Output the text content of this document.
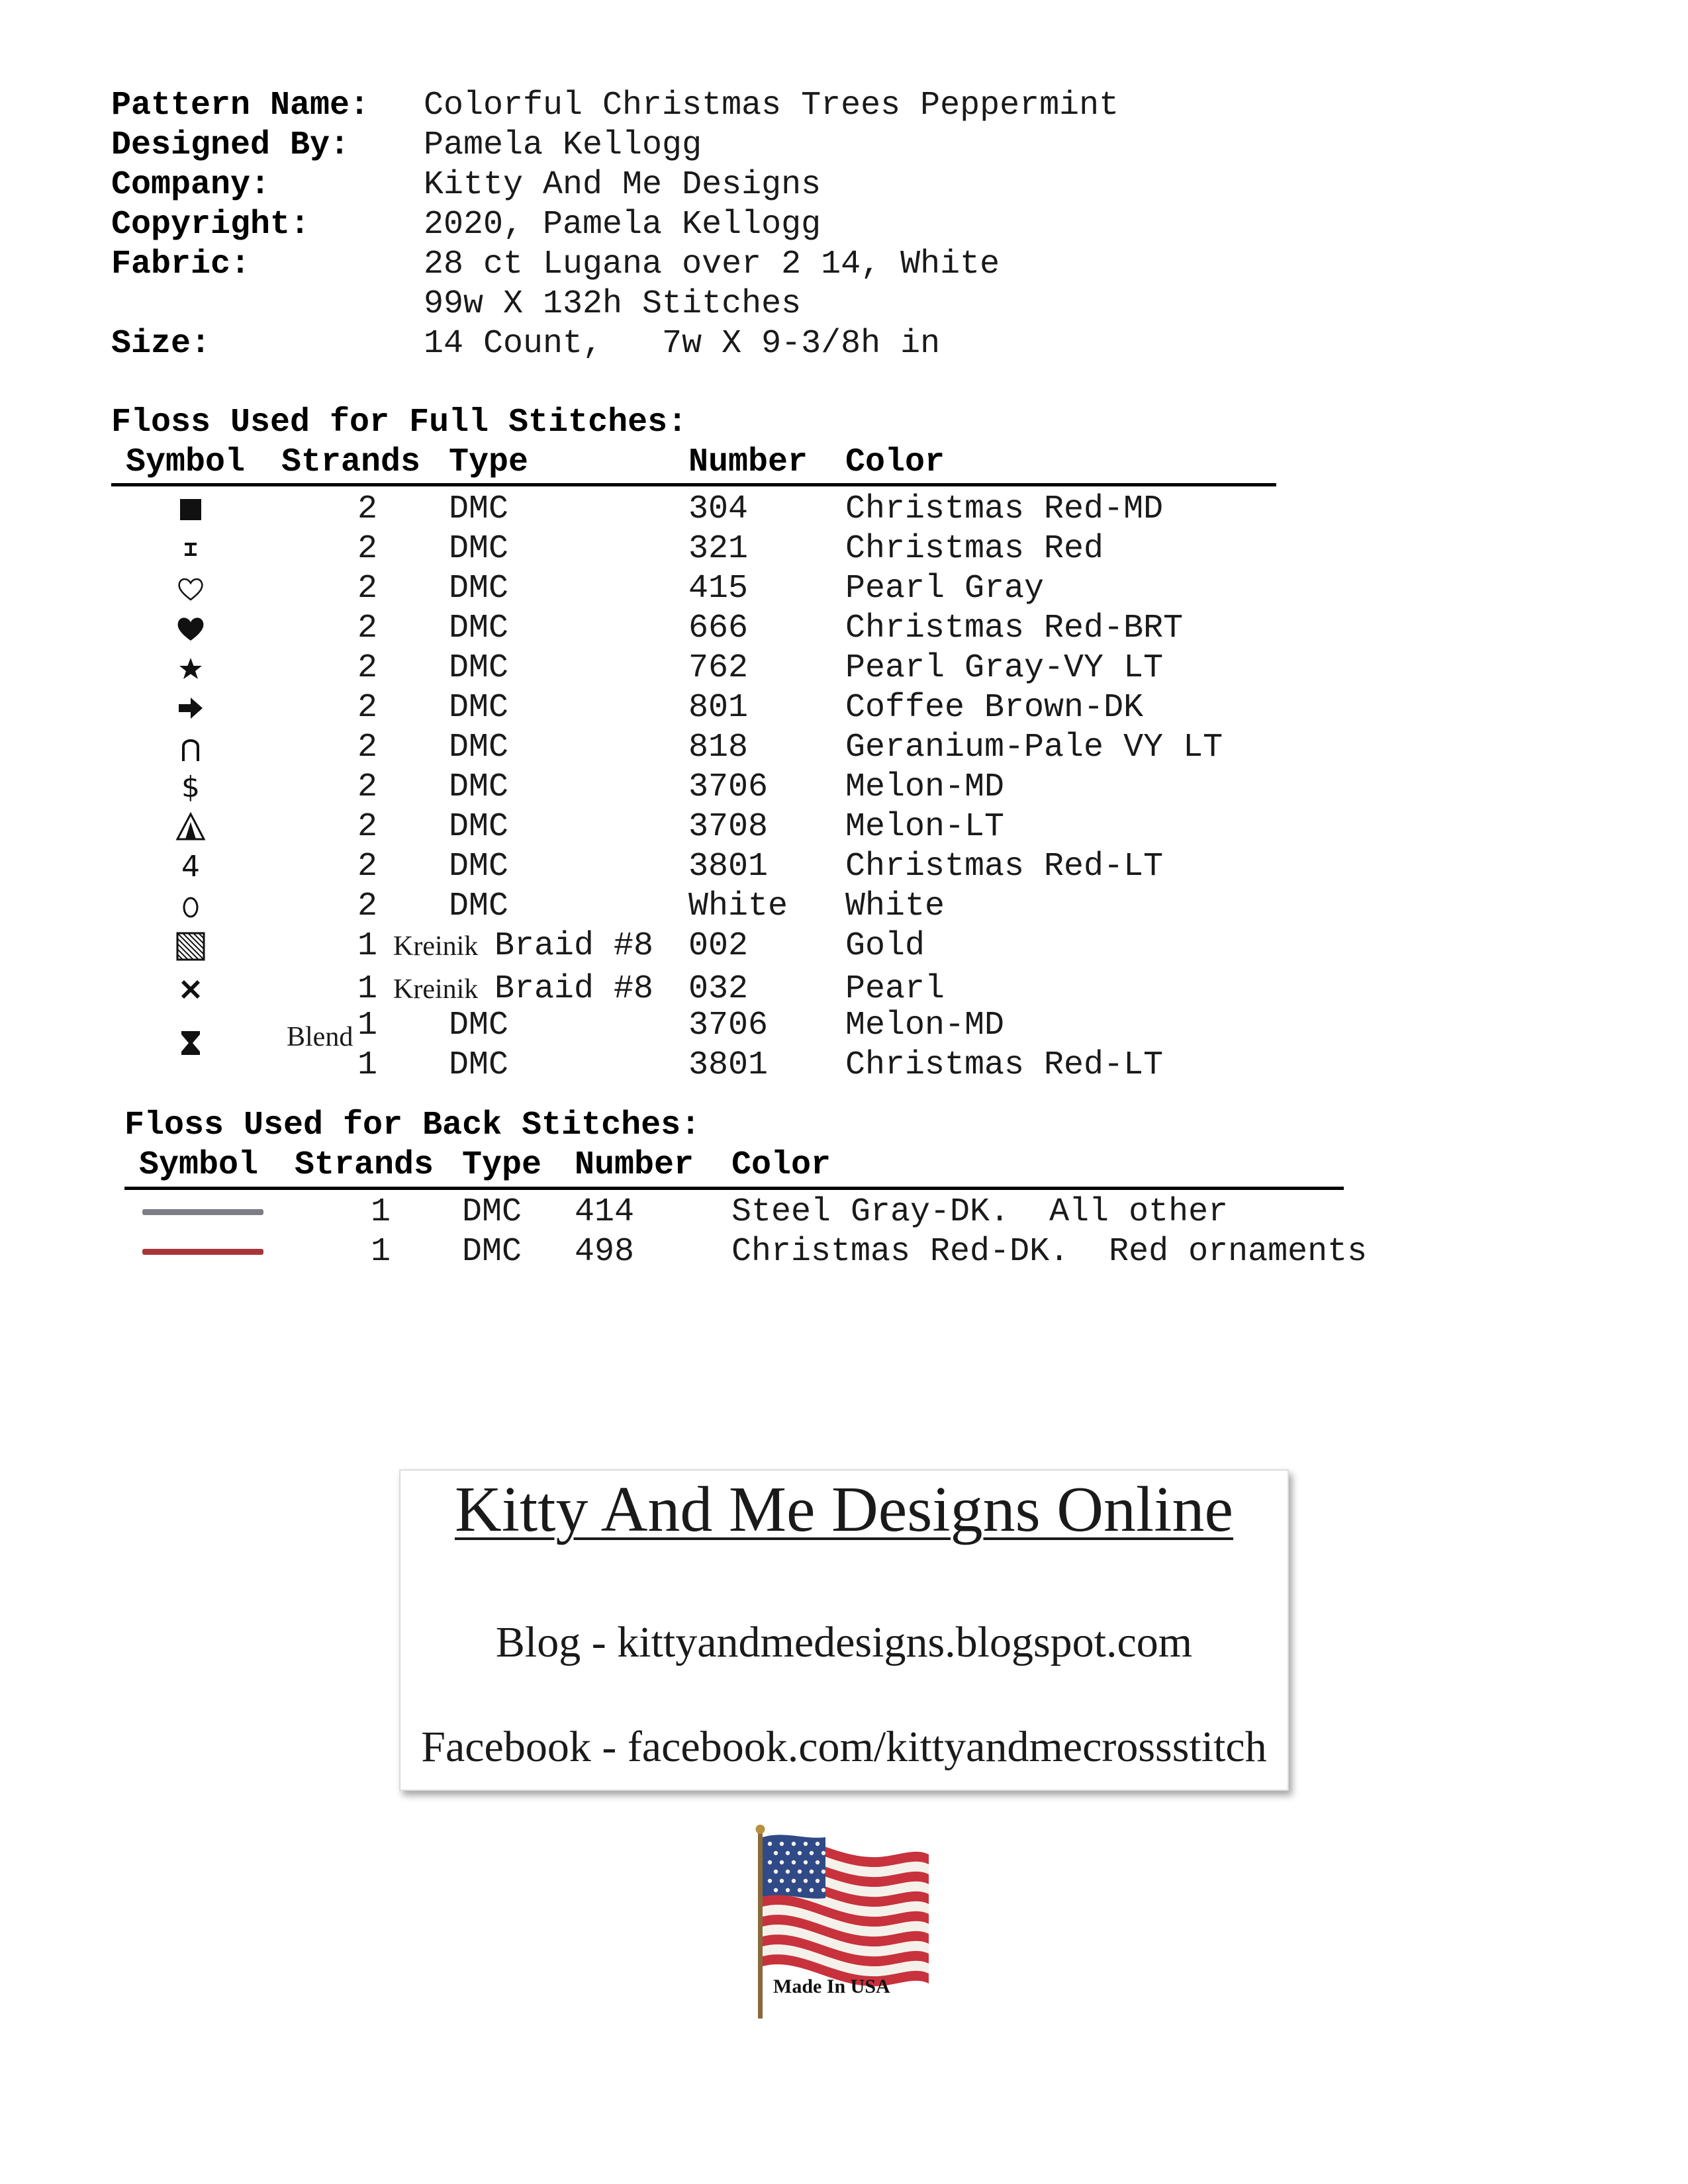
Pattern Name:	Colorful Christmas Trees Peppermint
Designed By:	Pamela Kellogg
Company:	Kitty And Me Designs
Copyright:	2020, Pamela Kellogg
Fabric:	28 ct Lugana over 2 14, White
99w X 132h Stitches
Size:	14 Count,   7w X 9-3/8h in
Floss Used for Full Stitches:
Symbol Strands Type	Number Color
2 DMC	304	Christmas Red-MD
2 DMC	321	Christmas Red
2 DMC	415	Pearl Gray
2 DMC	666	Christmas Red-BRT
2 DMC	762	Pearl Gray-VY LT
2 DMC	801	Coffee Brown-DK
2 DMC	818	Geranium-Pale VY LT
$	2 DMC	3706 Melon-MD
2 DMC	3708 Melon-LT
4	2 DMC	3801 Christmas Red-LT
2 DMC	White White
1 Kreinik Braid #8 002	Gold
1 Kreinik Braid #8 032	Pearl
Blend 1 DMC	3706 Melon-MD
1 DMC	3801 Christmas Red-LT
Floss Used for Back Stitches:
Symbol Strands Type Number Color
1 DMC 414	Steel Gray-DK.  All other
1 DMC 498	Christmas Red-DK.  Red ornaments
Kitty And Me Designs Online
Blog - kittyandmedesigns.blogspot.com
Facebook - facebook.com/kittyandmecrossstitch
Made In USA
